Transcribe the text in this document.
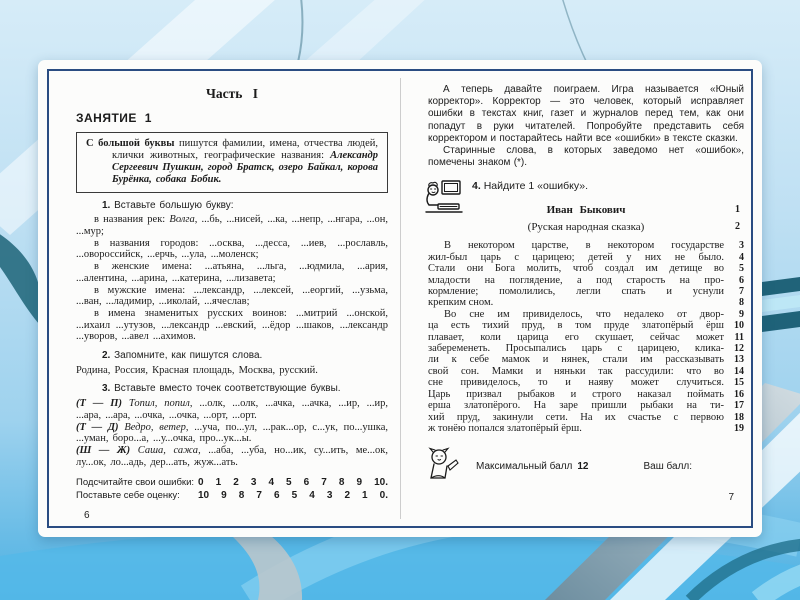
Часть I
ЗАНЯТИЕ 1

С большой буквы пишутся фамилии, имена, отчества людей, клички животных, географические названия: Александр Сергеевич Пушкин, город Братск, озеро Байкал, корова Бурёнка, собака Бобик.

1. Вставьте большую букву:
в названия рек: Волга, ...бь, ...нисей, ...ка, ...непр, ...нгара, ...он, ...мур;
в названия городов: ...осква, ...десса, ...иев, ...рославль, ...овороссийск, ...ерчь, ...ула, ...моленск;
в женские имена: ...атьяна, ...льга, ...юдмила, ...ария, ...алентина, ...арина, ...катерина, ...лизавета;
в мужские имена: ...лександр, ...лексей, ...еоргий, ...узьма, ...ван, ...ладимир, ...иколай, ...ячеслав;
в имена знаменитых русских воинов: ...митрий ...онской, ...ихаил ...утузов, ...лександр ...евский, ...ёдор ...шаков, ...лександр ...уворов, ...авел ...ахимов.
2. Запомните, как пишутся слова.
Родина, Россия, Красная площадь, Москва, русский.
3. Вставьте вместо точек соответствующие буквы.
(Т — П) Топил, попил, ...олк, ...олк, ...ачка, ...ачка, ...ир, ...ир, ...ара, ...ара, ...очка, ...очка, ...орт, ...орт.
(Т — Д) Ведро, ветер, ...уча, по...ул, ...рак...ор, с...ук, по...ушка, ...уман, боро...а, ...у...очка, про...ук...ы.
(Ш — Ж) Саша, сажа, ...аба, ...уба, но...ик, су...ить, ме...ок, лу...ок, ло...адь, дер...ать, жуж...ать.
Подсчитайте свои ошибки: 0 1 2 3 4 5 6 7 8 9 10.
Поставьте себе оценку:	10 9 8 7 6 5 4 3 2 1 0.
6

А теперь давайте поиграем. Игра называется «Юный корректор». Корректор — это человек, который исправляет ошибки в текстах книг, газет и журналов перед тем, как они попадут в руки читателей. Попробуйте представить себя корректором и постарайтесь найти все «ошибки» в тексте сказки.

Старинные слова, в которых заведомо нет «ошибок», помечены знаком (*).

4. Найдите 1 «ошибку».
Иван Быкович	1
(Руская народная сказка)	2
В некотором царстве, в некотором государстве	3
жил-был царь с царицею; детей у них не было.	4
Стали они Бога молить, чтоб создал им детище во	5
младости на поглядение, а под старость на про-	6
кормление; помолились, легли спать и уснули	7
крепким сном.	8
Во сне им привиделось, что недалеко от двор-	9
ца есть тихий пруд, в том пруде златопёрый ёрш	10
плавает, коли царица его скушает, сейчас может	11
забеременеть. Просыпа́лись царь с царицею, клика-	12
ли к себе мамок и нянек, стали им рассказывать	13
свой сон. Мамки и няньки так рассудили: что во	14
сне привиделось, то и наяву может случиться.	15
Царь призвал рыбаков и строго наказал поймать	16
ерша златопёрого. На заре пришли рыбаки на ти-	17
хий пруд, закинули сети. На их счастье с первою	18
ж тонёю попался златопёрый ёрш.	19
Максимальный балл 12	Ваш балл:
7
